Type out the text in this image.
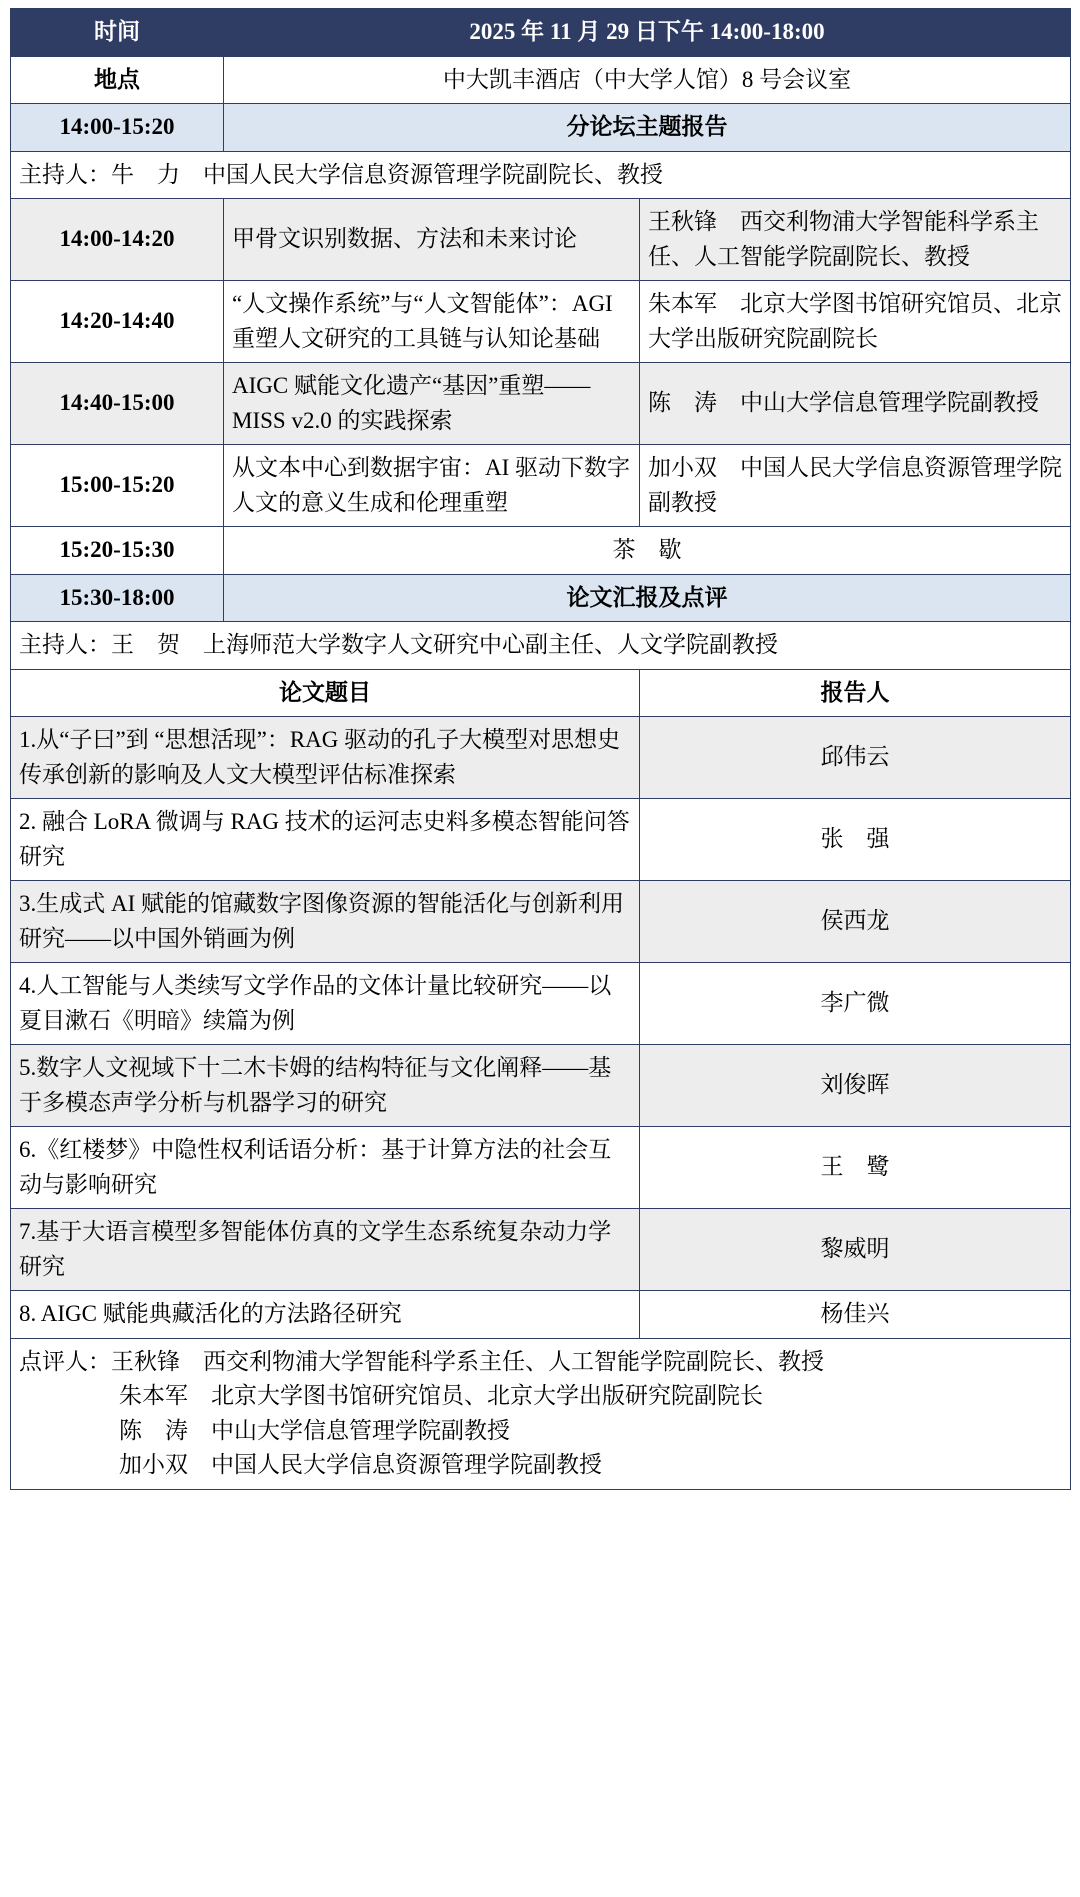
时间	2025 年 11 月 29 日下午 14:00-18:00	
地点	中大凯丰酒店（中大学人馆）8 号会议室	
14:00-15:20	分论坛主题报告	
主持人：牛　力　中国人民大学信息资源管理学院副院长、教授		
14:00-14:20	甲骨文识别数据、方法和未来讨论	王秋锋　西交利物浦大学智能科学系主任、人工智能学院副院长、教授
14:20-14:40	“人文操作系统”与“人文智能体”：AGI 重塑人文研究的工具链与认知论基础	朱本军　北京大学图书馆研究馆员、北京大学出版研究院副院长
14:40-15:00	AIGC 赋能文化遗产“基因”重塑——MISS v2.0 的实践探索	陈　涛　中山大学信息管理学院副教授
15:00-15:20	从文本中心到数据宇宙：AI 驱动下数字人文的意义生成和伦理重塑	加小双　中国人民大学信息资源管理学院副教授
15:20-15:30	茶　歇	
15:30-18:00	论文汇报及点评	
主持人：王　贺　上海师范大学数字人文研究中心副主任、人文学院副教授		
论文题目		报告人
1.从“子曰”到 “思想活现”：RAG 驱动的孔子大模型对思想史传承创新的影响及人文大模型评估标准探索		邱伟云
2. 融合 LoRA 微调与 RAG 技术的运河志史料多模态智能问答研究		张　强
3.生成式 AI 赋能的馆藏数字图像资源的智能活化与创新利用研究——以中国外销画为例		侯西龙
4.人工智能与人类续写文学作品的文体计量比较研究——以夏目漱石《明暗》续篇为例		李广微
5.数字人文视域下十二木卡姆的结构特征与文化阐释——基于多模态声学分析与机器学习的研究		刘俊晖
6.《红楼梦》中隐性权利话语分析：基于计算方法的社会互动与影响研究		王　鹭
7.基于大语言模型多智能体仿真的文学生态系统复杂动力学研究		黎威明
8. AIGC 赋能典藏活化的方法路径研究		杨佳兴

点评人：王秋锋　西交利物浦大学智能科学系主任、人工智能学院副院长、教授
朱本军　北京大学图书馆研究馆员、北京大学出版研究院副院长
陈　涛　中山大学信息管理学院副教授
加小双　中国人民大学信息资源管理学院副教授		
